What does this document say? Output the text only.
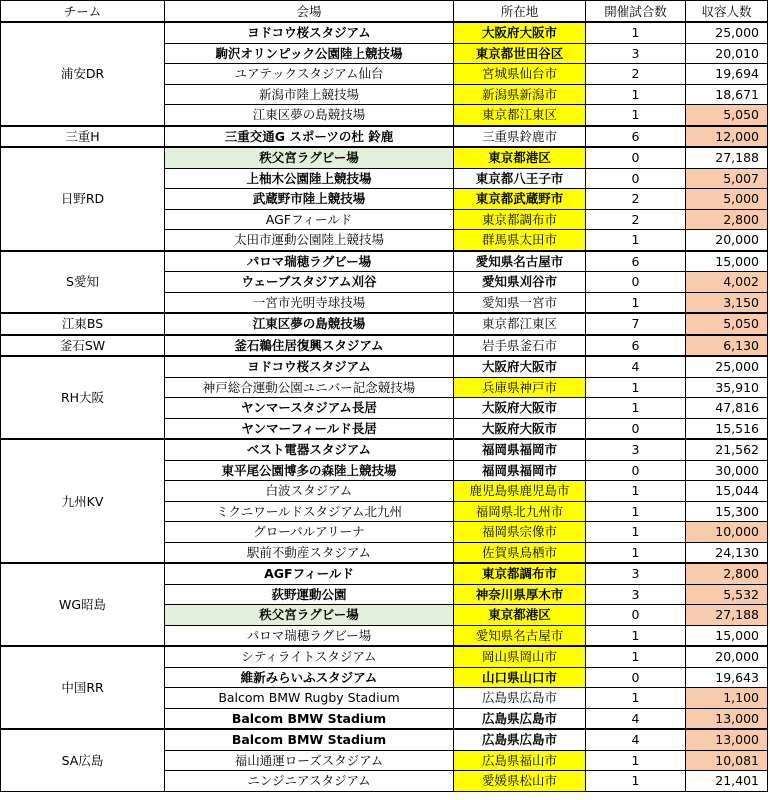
チーム	会場	所在地	開催試合数	収容人数
浦安DR	ヨドコウ桜スタジアム	大阪府大阪市	1	25,000
	駒沢オリンピック公園陸上競技場	東京都世田谷区	3	20,010
	ユアテックスタジアム仙台	宮城県仙台市	2	19,694
	新潟市陸上競技場	新潟県新潟市	1	18,671
	江東区夢の島競技場	東京都江東区	1	5,050
三重H	三重交通G スポーツの杜 鈴鹿	三重県鈴鹿市	6	12,000
日野RD	秩父宮ラグビー場	東京都港区	0	27,188
	上柚木公園陸上競技場	東京都八王子市	0	5,007
	武蔵野市陸上競技場	東京都武蔵野市	2	5,000
	AGFフィールド	東京都調布市	2	2,800
	太田市運動公園陸上競技場	群馬県太田市	1	20,000
S愛知	パロマ瑞穂ラグビー場	愛知県名古屋市	6	15,000
	ウェーブスタジアム刈谷	愛知県刈谷市	0	4,002
	一宮市光明寺球技場	愛知県一宮市	1	3,150
江東BS	江東区夢の島競技場	東京都江東区	7	5,050
釜石SW	釜石鵜住居復興スタジアム	岩手県釜石市	6	6,130
RH大阪	ヨドコウ桜スタジアム	大阪府大阪市	4	25,000
	神戸総合運動公園ユニバー記念競技場	兵庫県神戸市	1	35,910
	ヤンマースタジアム長居	大阪府大阪市	1	47,816
	ヤンマーフィールド長居	大阪府大阪市	0	15,516
九州KV	ベスト電器スタジアム	福岡県福岡市	3	21,562
	東平尾公園博多の森陸上競技場	福岡県福岡市	0	30,000
	白波スタジアム	鹿児島県鹿児島市	1	15,044
	ミクニワールドスタジアム北九州	福岡県北九州市	1	15,300
	グローバルアリーナ	福岡県宗像市	1	10,000
	駅前不動産スタジアム	佐賀県鳥栖市	1	24,130
WG昭島	AGFフィールド	東京都調布市	3	2,800
	荻野運動公園	神奈川県厚木市	3	5,532
	秩父宮ラグビー場	東京都港区	0	27,188
	パロマ瑞穂ラグビー場	愛知県名古屋市	1	15,000
中国RR	シティライトスタジアム	岡山県岡山市	1	20,000
	維新みらいふスタジアム	山口県山口市	0	19,643
	Balcom BMW Rugby Stadium	広島県広島市	1	1,100
	Balcom BMW Stadium	広島県広島市	4	13,000
SA広島	Balcom BMW Stadium	広島県広島市	4	13,000
	福山通運ローズスタジアム	広島県福山市	1	10,081
	ニンジニアスタジアム	愛媛県松山市	1	21,401
